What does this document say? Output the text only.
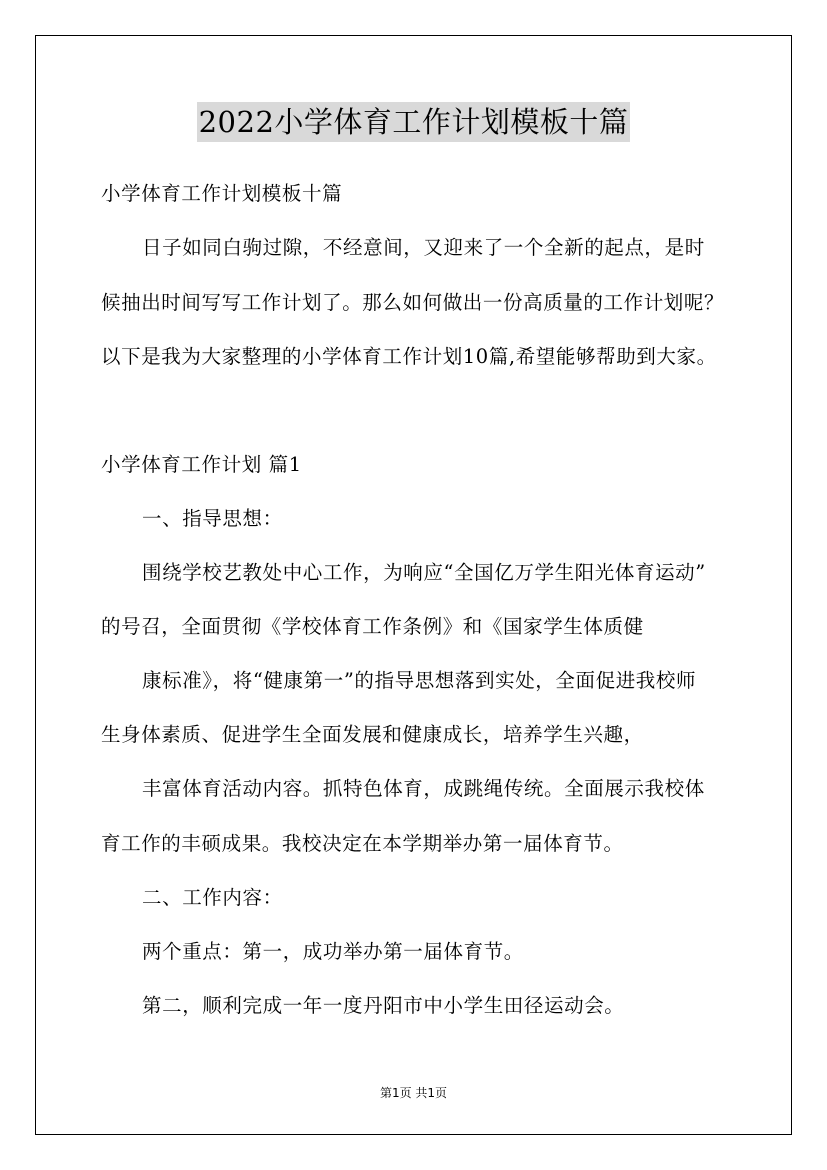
2022小学体育工作计划模板十篇

小学体育工作计划模板十篇

日子如同白驹过隙，不经意间，又迎来了一个全新的起点，是时

候抽出时间写写工作计划了。那么如何做出一份高质量的工作计划呢？

以下是我为大家整理的小学体育工作计划10篇,希望能够帮助到大家。

小学体育工作计划 篇1

一、指导思想：

围绕学校艺教处中心工作，为响应“全国亿万学生阳光体育运动”

的号召，全面贯彻《学校体育工作条例》和《国家学生体质健

康标准》，将“健康第一”的指导思想落到实处，全面促进我校师

生身体素质、促进学生全面发展和健康成长，培养学生兴趣，

丰富体育活动内容。抓特色体育，成跳绳传统。全面展示我校体

育工作的丰硕成果。我校决定在本学期举办第一届体育节。

二、工作内容：

两个重点：第一，成功举办第一届体育节。

第二，顺利完成一年一度丹阳市中小学生田径运动会。

第1页 共1页
